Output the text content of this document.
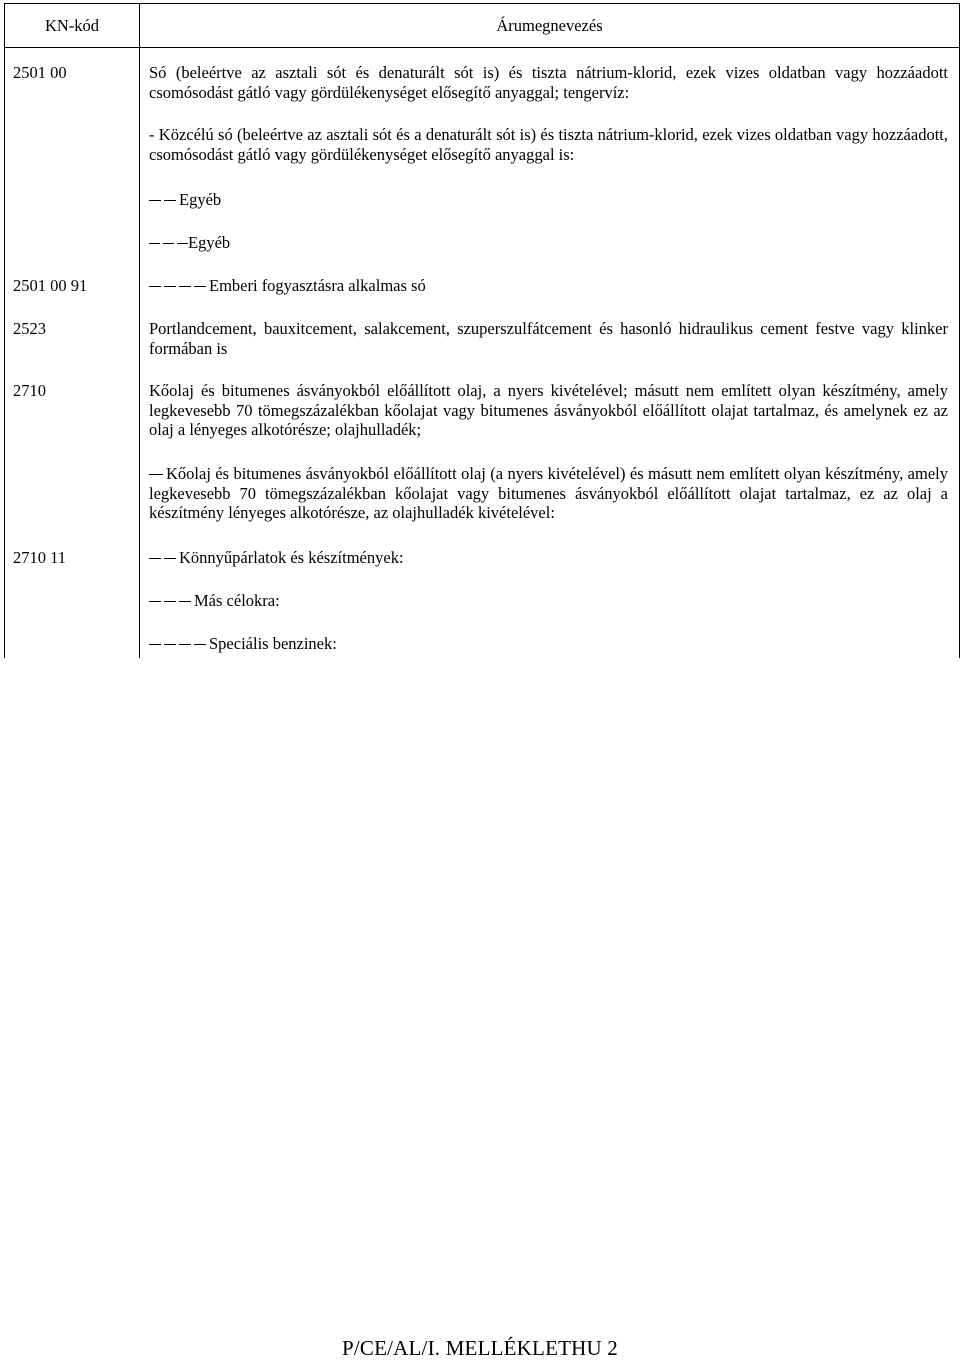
KN-kód	Árumegnevezés
2501 00	Só (beleértve az asztali sót és denaturált sót is) és tiszta nátrium-klorid, ezek vizes oldatban vagy hozzáadott csomósodást gátló vagy gördülékenységet elősegítő anyaggal; tengervíz:
	- Közcélú só (beleértve az asztali sót és a denaturált sót is) és tiszta nátrium-klorid, ezek vizes oldatban vagy hozzáadott, csomósodást gátló vagy gördülékenységet elősegítő anyaggal is:
	Egyéb
	Egyéb
2501 00 91	Emberi fogyasztásra alkalmas só
2523	Portlandcement, bauxitcement, salakcement, szuperszulfátcement és hasonló hidraulikus cement festve vagy klinker formában is
2710	Kőolaj és bitumenes ásványokból előállított olaj, a nyers kivételével; másutt nem említett olyan készítmény, amely legkevesebb 70 tömegszázalékban kőolajat vagy bitumenes ásványokból előállított olajat tartalmaz, és amelynek ez az olaj a lényeges alkotórésze; olajhulladék;
	Kőolaj és bitumenes ásványokból előállított olaj (a nyers kivételével) és másutt nem említett olyan készítmény, amely legkevesebb 70 tömegszázalékban kőolajat vagy bitumenes ásványokból előállított olajat tartalmaz, ez az olaj a készítmény lényeges alkotórésze, az olajhulladék kivételével:
2710 11	Könnyűpárlatok és készítmények:
	Más célokra:
	Speciális benzinek:
P/CE/AL/I. MELLÉKLETHU 2
